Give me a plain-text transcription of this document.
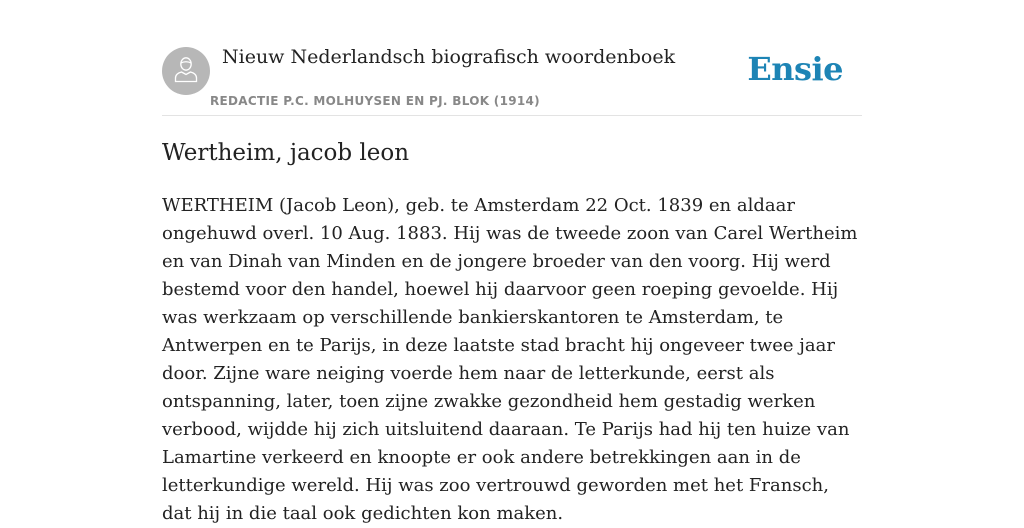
Nieuw Nederlandsch biografisch woordenboek
REDACTIE P.C. MOLHUYSEN EN PJ. BLOK (1914)
Ensie
Wertheim, jacob leon

WERTHEIM (Jacob Leon), geb. te Amsterdam 22 Oct. 1839 en aldaar ongehuwd overl. 10 Aug. 1883. Hij was de tweede zoon van Carel Wertheim en van Dinah van Minden en de jongere broeder van den voorg. Hij werd bestemd voor den handel, hoewel hij daarvoor geen roeping gevoelde. Hij was werkzaam op verschillende bankierskantoren te Amsterdam, te Antwerpen en te Parijs, in deze laatste stad bracht hij ongeveer twee jaar door. Zijne ware neiging voerde hem naar de letterkunde, eerst als ontspanning, later, toen zijne zwakke gezondheid hem gestadig werken verbood, wijdde hij zich uitsluitend daaraan. Te Parijs had hij ten huize van Lamartine verkeerd en knoopte er ook andere betrekkingen aan in de letterkundige wereld. Hij was zoo vertrouwd geworden met het Fransch, dat hij in die taal ook gedichten kon maken.
